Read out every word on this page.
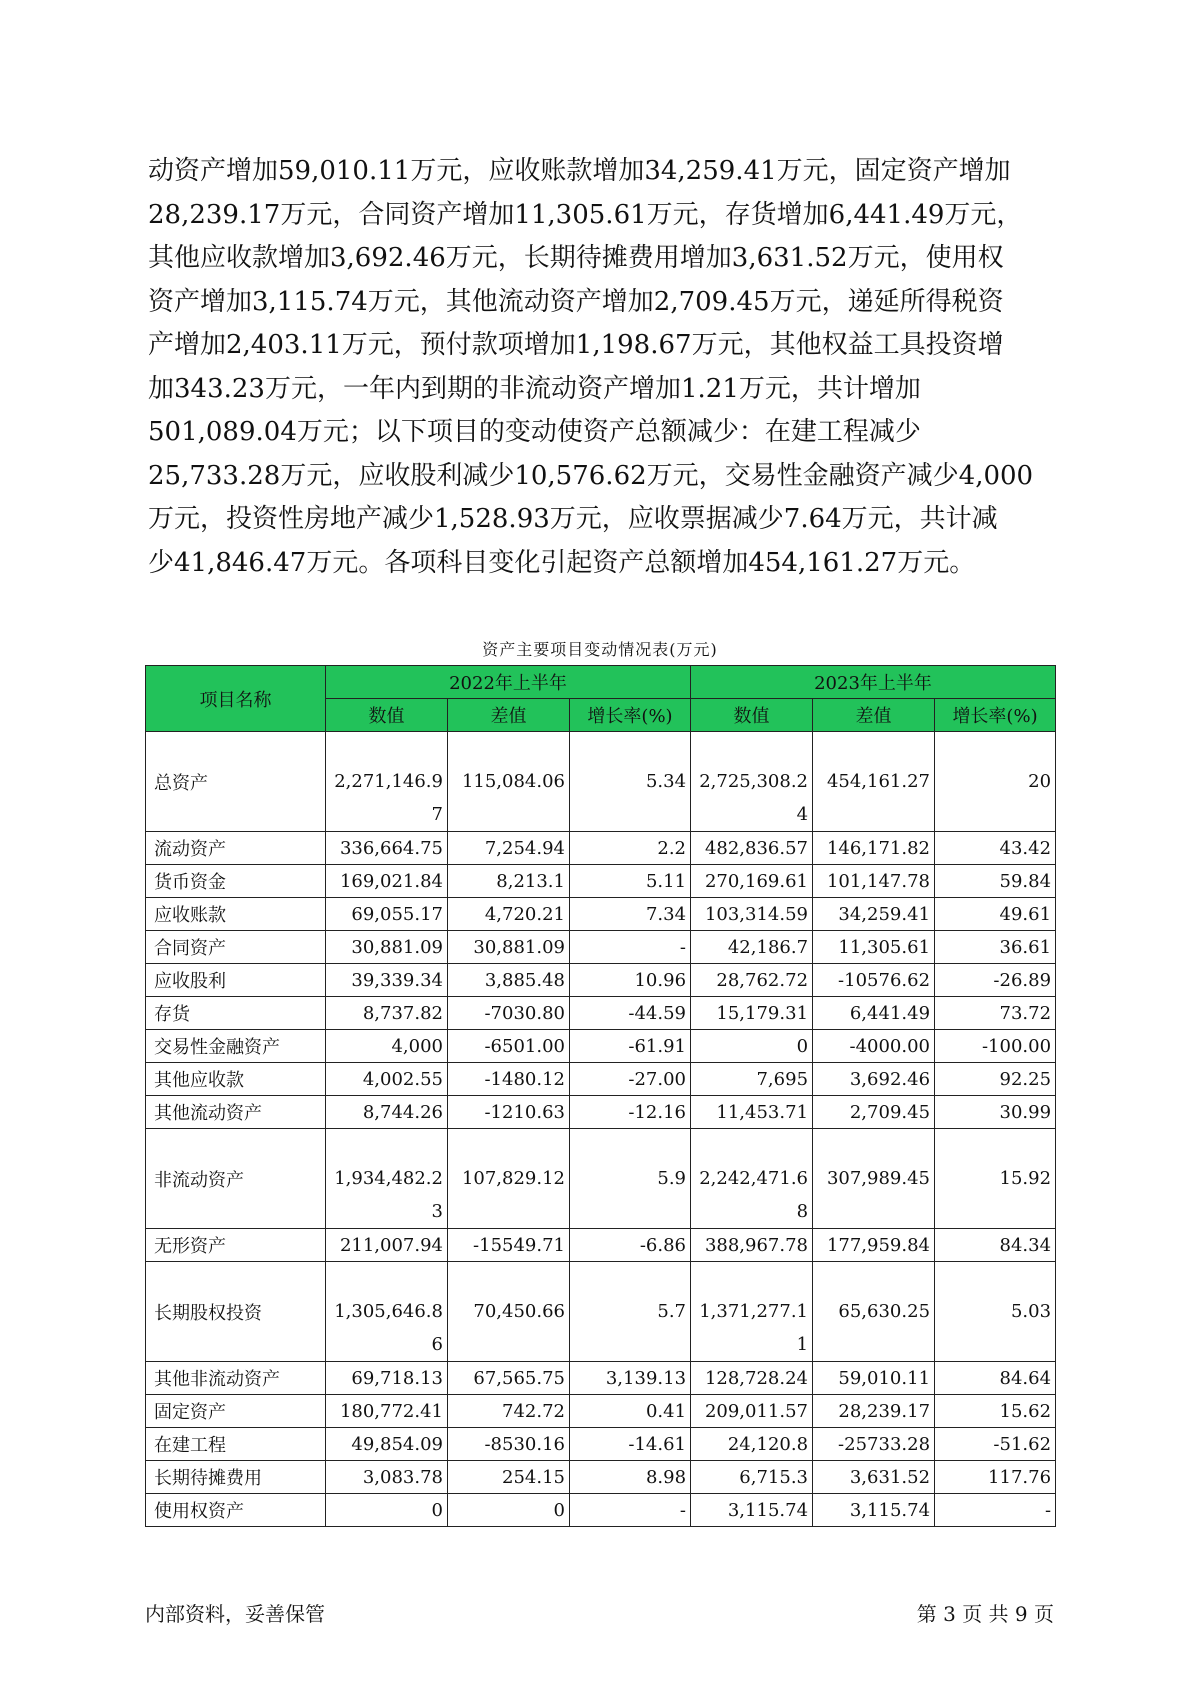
动资产增加59,010.11万元，应收账款增加34,259.41万元，固定资产增加
28,239.17万元，合同资产增加11,305.61万元，存货增加6,441.49万元，
其他应收款增加3,692.46万元，长期待摊费用增加3,631.52万元，使用权
资产增加3,115.74万元，其他流动资产增加2,709.45万元，递延所得税资
产增加2,403.11万元，预付款项增加1,198.67万元，其他权益工具投资增
加343.23万元，一年内到期的非流动资产增加1.21万元，共计增加
501,089.04万元；以下项目的变动使资产总额减少：在建工程减少
25,733.28万元，应收股利减少10,576.62万元，交易性金融资产减少4,000
万元，投资性房地产减少1,528.93万元，应收票据减少7.64万元，共计减
少41,846.47万元。各项科目变化引起资产总额增加454,161.27万元。
资产主要项目变动情况表(万元)
项目名称	2022年上半年			2023年上半年		
	数值	差值	增长率(%)	数值	差值	增长率(%)
总资产	2,271,146.97	115,084.06	5.34	2,725,308.24	454,161.27	20
流动资产	336,664.75	7,254.94	2.2	482,836.57	146,171.82	43.42
货币资金	169,021.84	8,213.1	5.11	270,169.61	101,147.78	59.84
应收账款	69,055.17	4,720.21	7.34	103,314.59	34,259.41	49.61
合同资产	30,881.09	30,881.09	-	42,186.7	11,305.61	36.61
应收股利	39,339.34	3,885.48	10.96	28,762.72	-10576.62	-26.89
存货	8,737.82	-7030.80	-44.59	15,179.31	6,441.49	73.72
交易性金融资产	4,000	-6501.00	-61.91	0	-4000.00	-100.00
其他应收款	4,002.55	-1480.12	-27.00	7,695	3,692.46	92.25
其他流动资产	8,744.26	-1210.63	-12.16	11,453.71	2,709.45	30.99
非流动资产	1,934,482.23	107,829.12	5.9	2,242,471.68	307,989.45	15.92
无形资产	211,007.94	-15549.71	-6.86	388,967.78	177,959.84	84.34
长期股权投资	1,305,646.86	70,450.66	5.7	1,371,277.11	65,630.25	5.03
其他非流动资产	69,718.13	67,565.75	3,139.13	128,728.24	59,010.11	84.64
固定资产	180,772.41	742.72	0.41	209,011.57	28,239.17	15.62
在建工程	49,854.09	-8530.16	-14.61	24,120.8	-25733.28	-51.62
长期待摊费用	3,083.78	254.15	8.98	6,715.3	3,631.52	117.76
使用权资产	0	0	-	3,115.74	3,115.74	-
内部资料，妥善保管	第 3 页 共 9 页
